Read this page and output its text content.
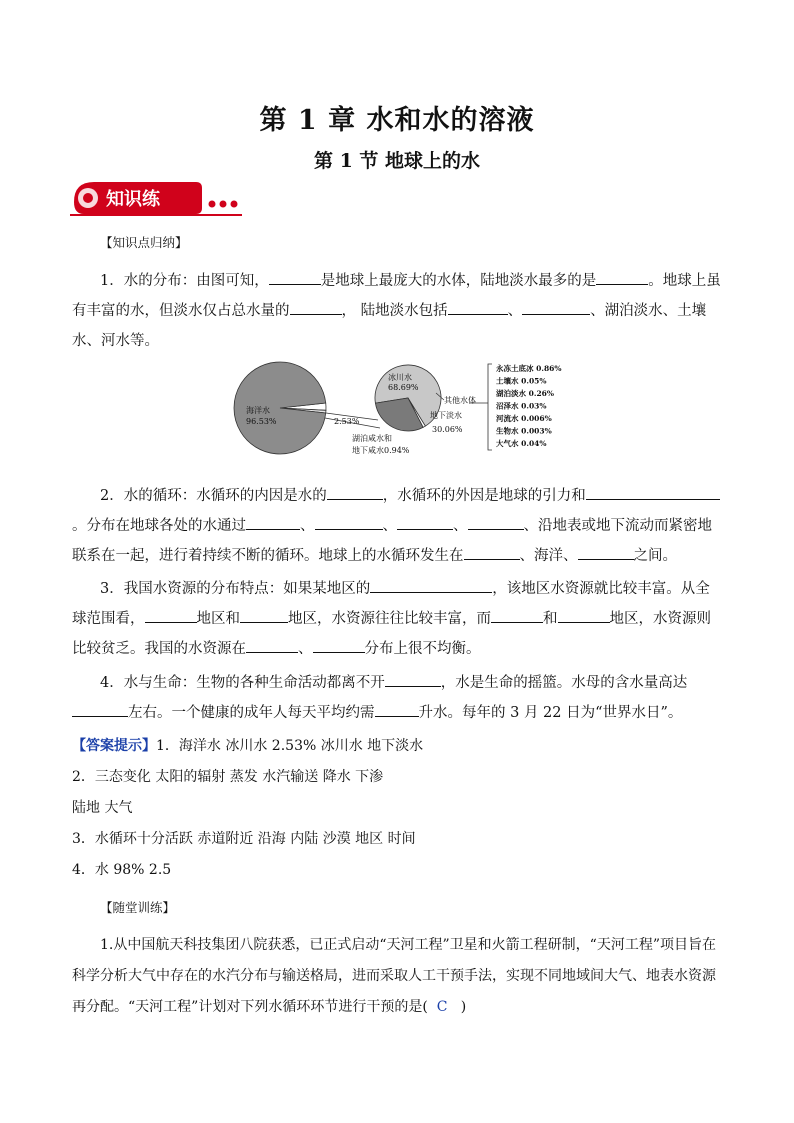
第 1 章 水和水的溶液
第 1 节 地球上的水
知识练
【知识点归纳】

1．水的分布：由图可知，	是地球上最庞大的水体，陆地淡水最多的是	。地球上虽有丰富的水，但淡水仅占总水量的	， 陆地淡水包括	、	、湖泊淡水、土壤水、河水等。

海洋水
96.53%	2.53%
湖泊咸水和
地下咸水0.94%
冰川水
68.69%
地下淡水
30.06%
其他水体
永冻土底冰 0.86%
土壤水 0.05%
湖泊淡水 0.26%
沼泽水 0.03%
河流水 0.006%
生物水 0.003%
大气水 0.04%

2．水的循环：水循环的内因是水的	，水循环的外因是地球的引力和。分布在地球各处的水通过	、	、	、	、沿地表或地下流动而紧密地联系在一起，进行着持续不断的循环。地球上的水循环发生在	、海洋、	之间。

3．我国水资源的分布特点：如果某地区的	，该地区水资源就比较丰富。从全球范围看，	地区和	地区，水资源往往比较丰富，而	和	地区，水资源则比较贫乏。我国的水资源在	、	分布上很不均衡。

4．水与生命：生物的各种生命活动都离不开	，水是生命的摇篮。水母的含水量高达左右。一个健康的成年人每天平均约需	升水。每年的 3 月 22 日为“世界水日”。

【答案提示】1．海洋水 冰川水 2.53% 冰川水 地下淡水
2．三态变化 太阳的辐射 蒸发 水汽输送 降水 下渗
陆地 大气
3．水循环十分活跃 赤道附近 沿海 内陆 沙漠 地区 时间
4．水 98% 2.5
【随堂训练】

1.从中国航天科技集团八院获悉，已正式启动“天河工程”卫星和火箭工程研制，“天河工程”项目旨在科学分析大气中存在的水汽分布与输送格局，进而采取人工干预手法，实现不同地域间大气、地表水资源再分配。“天河工程”计划对下列水循环环节进行干预的是( C )
